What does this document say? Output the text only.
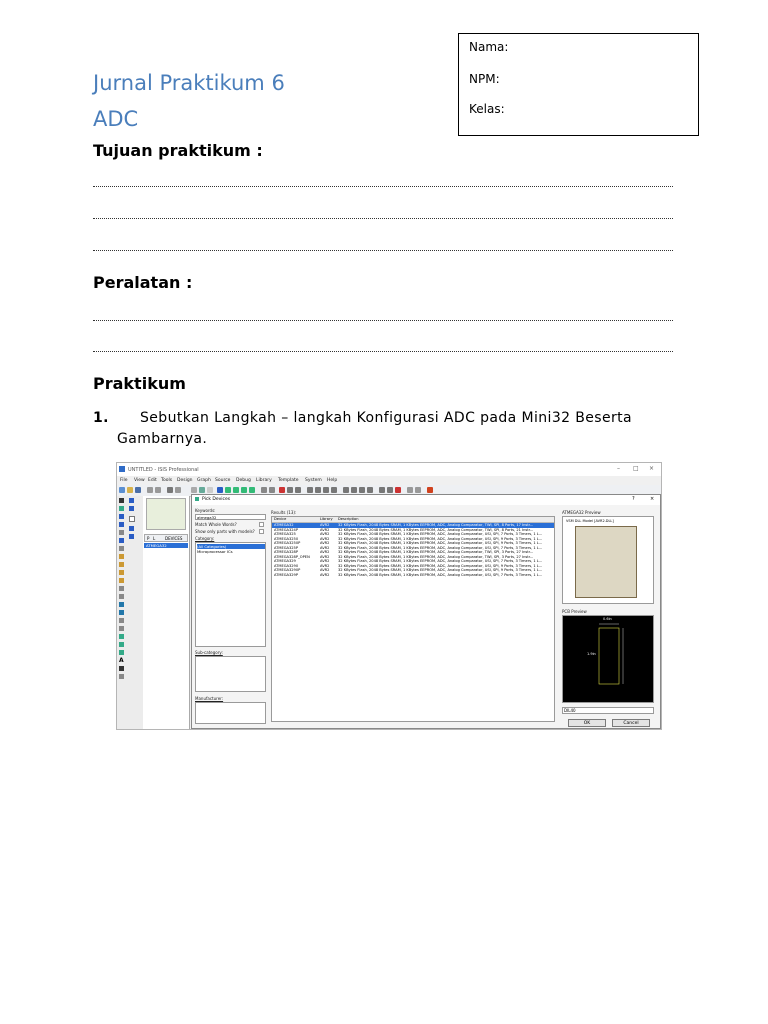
Nama:
NPM:
Kelas:
Jurnal Praktikum 6
ADC
Tujuan praktikum :
Peralatan :
Praktikum
1.	Sebutkan Langkah – langkah Konfigurasi ADC pada Mini32 Beserta
Gambarnya.
UNTITLED - ISIS Professional	– □ ×
File View Edit Tools Design Graph Source Debug Library Template System Help
A
P L DEVICES
ATMEGA32
Pick Devices	?	×
Keywords:
atmega32
Match Whole Words?
Show only parts with models?
Category:
(All Categories)
Microprocessor ICs
Sub-category:
Manufacturer:
Results (13):
Device	Library Description
ATMEGA32	AVR2 32 KBytes Flash, 2048 Bytes SRAM, 1 KBytes EEPROM, ADC, Analog Comparator, TWI, SPI, 8 Ports, 17 Instr...
ATMEGA324P	AVR2 32 KBytes Flash, 2048 Bytes SRAM, 1 KBytes EEPROM, ADC, Analog Comparator, TWI, SPI, 8 Ports, 21 Instr...
ATMEGA325	AVR2 32 KBytes Flash, 2048 Bytes SRAM, 1 KBytes EEPROM, ADC, Analog Comparator, USI, SPI, 7 Ports, 3 Timers, 1 L...
ATMEGA3250	AVR2 32 KBytes Flash, 2048 Bytes SRAM, 1 KBytes EEPROM, ADC, Analog Comparator, USI, SPI, 9 Ports, 3 Timers, 1 L...
ATMEGA3250P	AVR2 32 KBytes Flash, 2048 Bytes SRAM, 1 KBytes EEPROM, ADC, Analog Comparator, USI, SPI, 9 Ports, 3 Timers, 1 L...
ATMEGA325P	AVR2 32 KBytes Flash, 2048 Bytes SRAM, 1 KBytes EEPROM, ADC, Analog Comparator, USI, SPI, 7 Ports, 3 Timers, 1 L...
ATMEGA328P	AVR2 32 KBytes Flash, 2048 Bytes SRAM, 1 KBytes EEPROM, ADC, Analog Comparator, TWI, SPI, 3 Ports, 27 Instr...
ATMEGA328P_OPEN	AVR2 32 KBytes Flash, 2048 Bytes SRAM, 1 KBytes EEPROM, ADC, Analog Comparator, TWI, SPI, 3 Ports, 27 Instr...
ATMEGA329	AVR2 32 KBytes Flash, 2048 Bytes SRAM, 1 KBytes EEPROM, ADC, Analog Comparator, USI, SPI, 7 Ports, 3 Timers, 1 L...
ATMEGA3290	AVR2 32 KBytes Flash, 2048 Bytes SRAM, 1 KBytes EEPROM, ADC, Analog Comparator, USI, SPI, 9 Ports, 3 Timers, 1 L...
ATMEGA3290P	AVR2 32 KBytes Flash, 2048 Bytes SRAM, 1 KBytes EEPROM, ADC, Analog Comparator, USI, SPI, 9 Ports, 3 Timers, 1 L...
ATMEGA329P	AVR2 32 KBytes Flash, 2048 Bytes SRAM, 1 KBytes EEPROM, ADC, Analog Comparator, USI, SPI, 7 Ports, 3 Timers, 1 L...
ATMEGA32 Preview
VSM DLL Model [AVR2.DLL]
PCB Preview
0.6in
1.9in
DIL40
OK	Cancel
